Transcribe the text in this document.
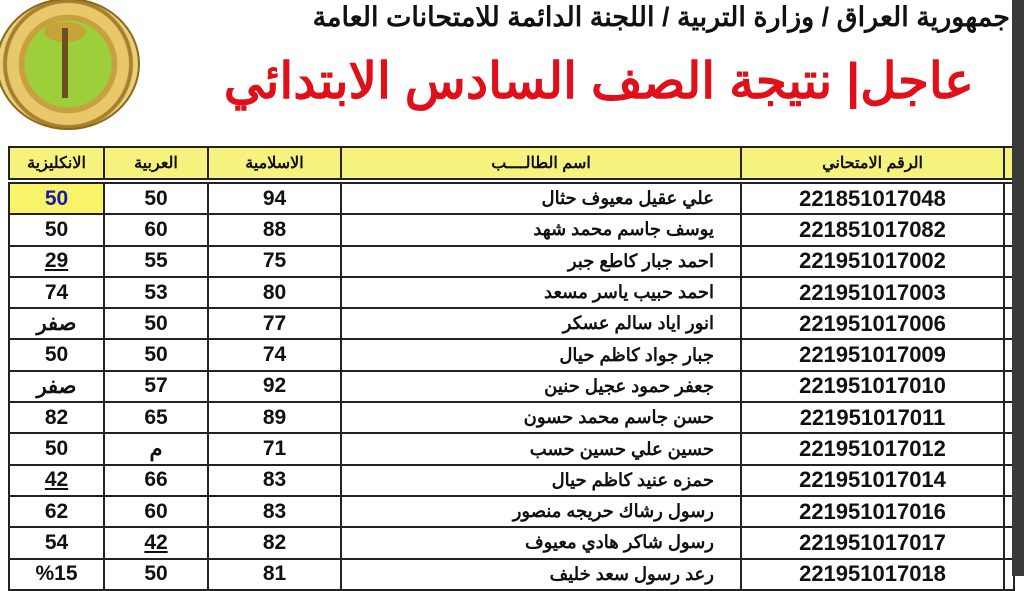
جمهورية العراق / وزارة التربية / اللجنة الدائمة للامتحانات العامة
عاجل| نتيجة الصف السادس الابتدائي
الانكليزية	العربية	الاسلامية	اسم الطالــــب	الرقم الامتحاني	

50	50	94	علي عقيل معيوف حثال	221851017048	
50	60	88	يوسف جاسم محمد شهد	221851017082	
29	55	75	احمد جبار كاطع جبر	221951017002	
74	53	80	احمد حبيب ياسر مسعد	221951017003	
صفر	50	77	انور اياد سالم عسكر	221951017006	
50	50	74	جبار جواد كاظم حيال	221951017009	
صفر	57	92	جعفر حمود عجيل حنين	221951017010	
82	65	89	حسن جاسم محمد حسون	221951017011	
50	م	71	حسين علي حسين حسب	221951017012	
42	66	83	حمزه عنيد كاظم حيال	221951017014	
62	60	83	رسول رشاك حريجه منصور	221951017016	
54	42	82	رسول شاكر هادي معيوف	221951017017	
%15	50	81	رعد رسول سعد خليف	221951017018	
